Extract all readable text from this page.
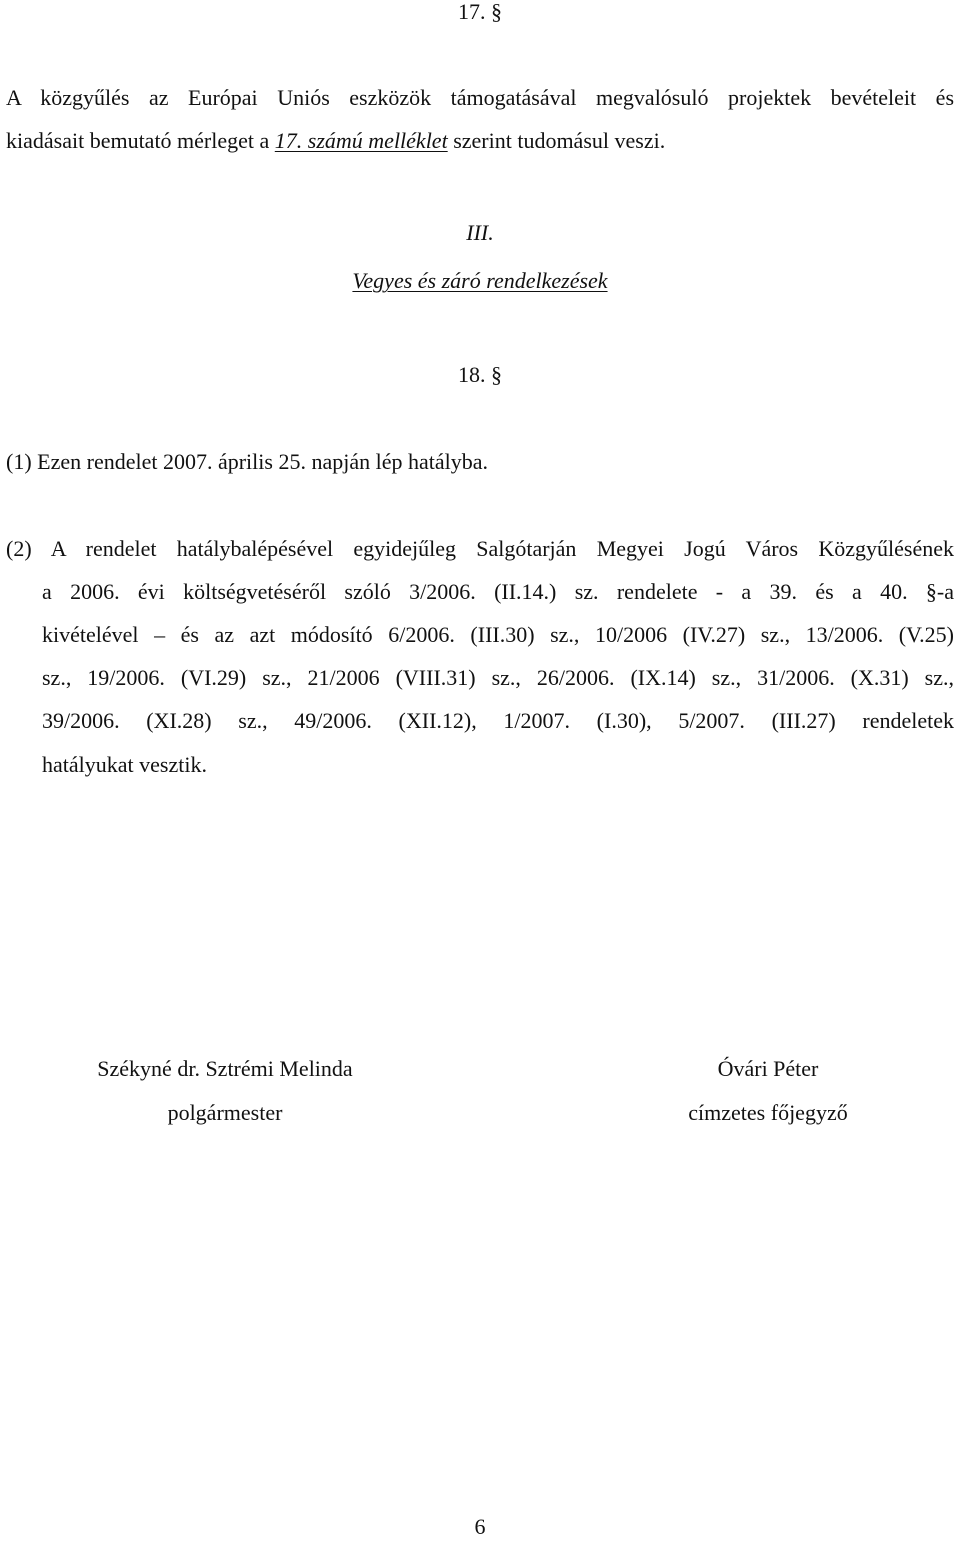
17. §
A közgyűlés az Európai Uniós eszközök támogatásával megvalósuló projektek bevételeit és
kiadásait bemutató mérleget a 17. számú melléklet szerint tudomásul veszi.
III.
Vegyes és záró rendelkezések
18. §
(1) Ezen rendelet 2007. április 25. napján lép hatályba.
(2) A rendelet hatálybalépésével egyidejűleg Salgótarján Megyei Jogú Város Közgyűlésének
a 2006. évi költségvetéséről szóló 3/2006. (II.14.) sz. rendelete - a 39. és a 40. §-a
kivételével – és az azt módosító 6/2006. (III.30) sz., 10/2006 (IV.27) sz., 13/2006. (V.25)
sz., 19/2006. (VI.29) sz., 21/2006 (VIII.31) sz., 26/2006. (IX.14) sz., 31/2006. (X.31) sz.,
39/2006. (XI.28) sz., 49/2006. (XII.12), 1/2007. (I.30), 5/2007. (III.27) rendeletek
hatályukat vesztik.
Székyné dr. Sztrémi Melinda
polgármester
Óvári Péter
címzetes főjegyző
6
